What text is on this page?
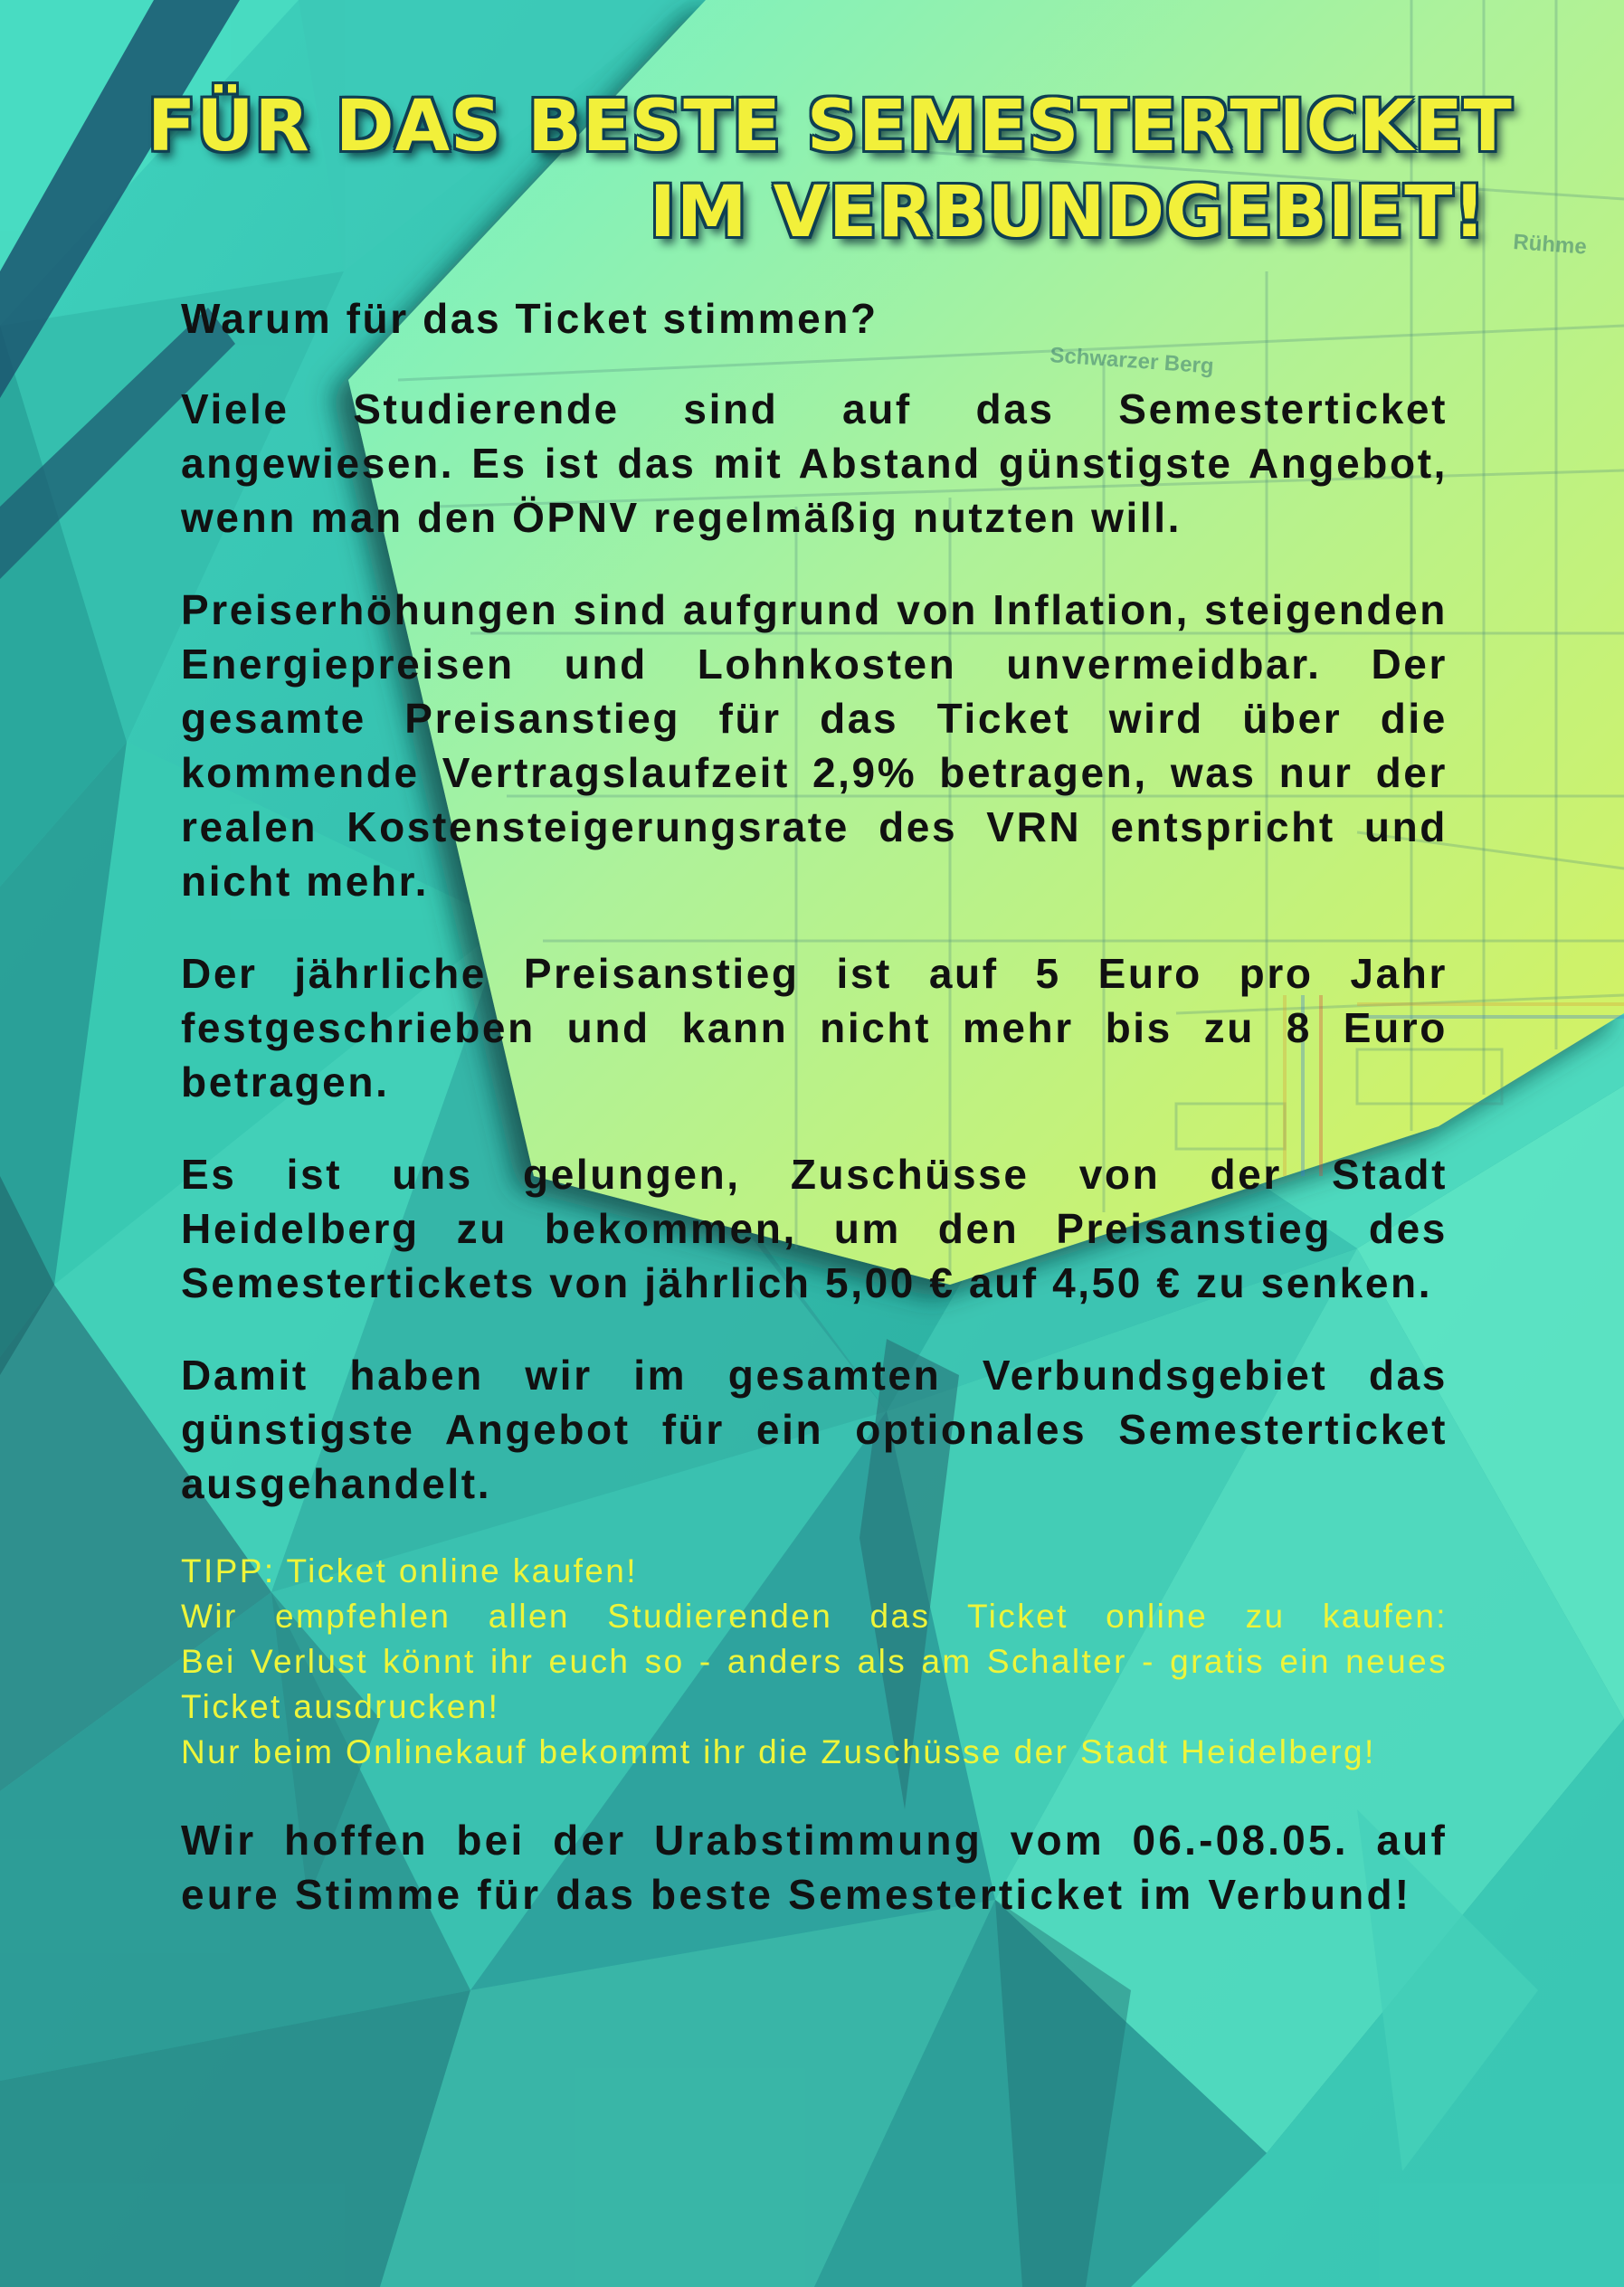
Schwarzer Berg
Rühme
FÜR DAS BESTE SEMESTERTICKET
IM VERBUNDGEBIET!

Warum für das Ticket stimmen?

Viele Studierende sind auf das Semesterticket angewiesen. Es ist das mit Abstand günstigste Angebot, wenn man den ÖPNV regelmäßig nutzten will.

Preiserhöhungen sind aufgrund von Inflation, steigenden Energiepreisen und Lohnkosten unvermeidbar. Der gesamte Preisanstieg für das Ticket wird über die kommende Vertragslaufzeit 2,9% betragen, was nur der realen Kostensteigerungsrate des VRN entspricht und nicht mehr.

Der jährliche Preisanstieg ist auf 5 Euro pro Jahr festgeschrieben und kann nicht mehr bis zu 8 Euro betragen.

Es ist uns gelungen, Zuschüsse von der Stadt Heidelberg zu bekommen, um den Preisanstieg des Semestertickets von jährlich 5,00 € auf 4,50 € zu senken.

Damit haben wir im gesamten Verbundsgebiet das günstigste Angebot für ein optionales Semesterticket ausgehandelt.

TIPP: Ticket online kaufen!
Wir empfehlen allen Studierenden das Ticket online zu kaufen:
Bei Verlust könnt ihr euch so - anders als am Schalter - gratis ein neues Ticket ausdrucken!
Nur beim Onlinekauf bekommt ihr die Zuschüsse der Stadt Heidelberg!

Wir hoffen bei der Urabstimmung vom 06.-08.05. auf eure Stimme für das beste Semesterticket im Verbund!
